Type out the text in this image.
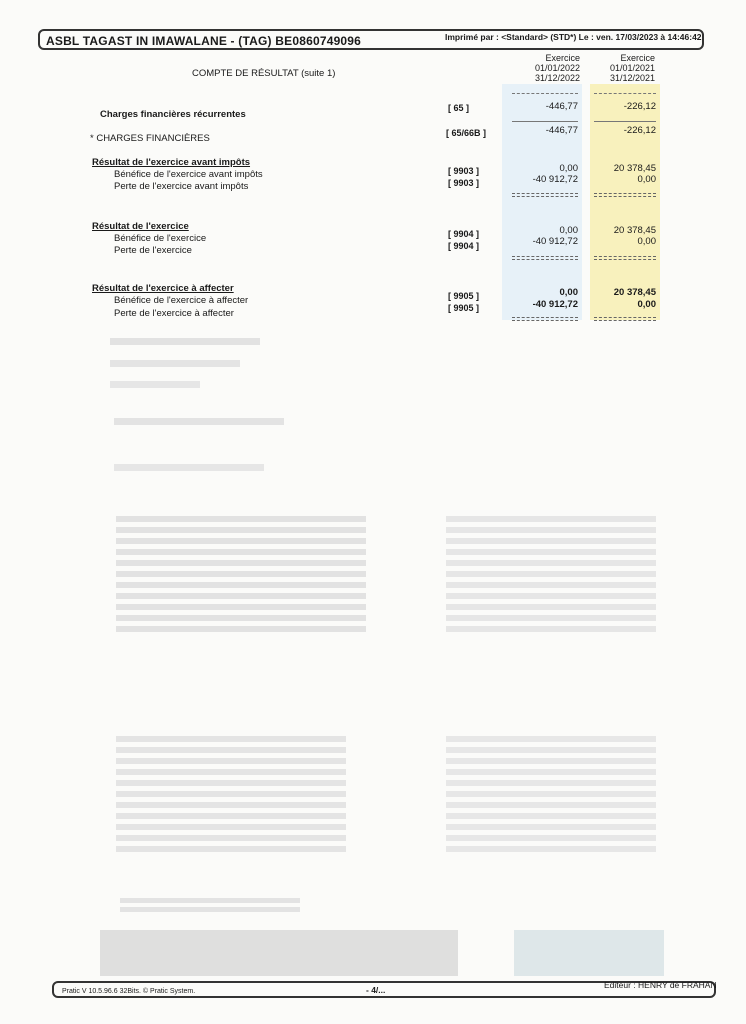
ASBL TAGAST IN IMAWALANE - (TAG) BE0860749096	Imprimé par : <Standard> (STD*) Le : ven. 17/03/2023 à 14:46:42
Exercice
01/01/2022
31/12/2022
Exercice
01/01/2021
31/12/2021
COMPTE DE RÉSULTAT (suite 1)
Charges financières récurrentes
[ 65 ]	-446,77	-226,12
* CHARGES FINANCIÈRES	[ 65/66B ]	-446,77	-226,12
Résultat de l'exercice avant impôts
Bénéfice de l'exercice avant impôts	[ 9903 ]	0,00	20 378,45
Perte de l'exercice avant impôts	[ 9903 ]	-40 912,72	0,00
Résultat de l'exercice
Bénéfice de l'exercice	[ 9904 ]	0,00	20 378,45
Perte de l'exercice	[ 9904 ]	-40 912,72	0,00
Résultat de l'exercice à affecter
Bénéfice de l'exercice à affecter	[ 9905 ]	0,00	20 378,45
Perte de l'exercice à affecter	[ 9905 ]	-40 912,72	0,00
Pratic V 10.5.96.6 32Bits. © Pratic System.	- 4/...	Editeur : HENRY de FRAHAN
